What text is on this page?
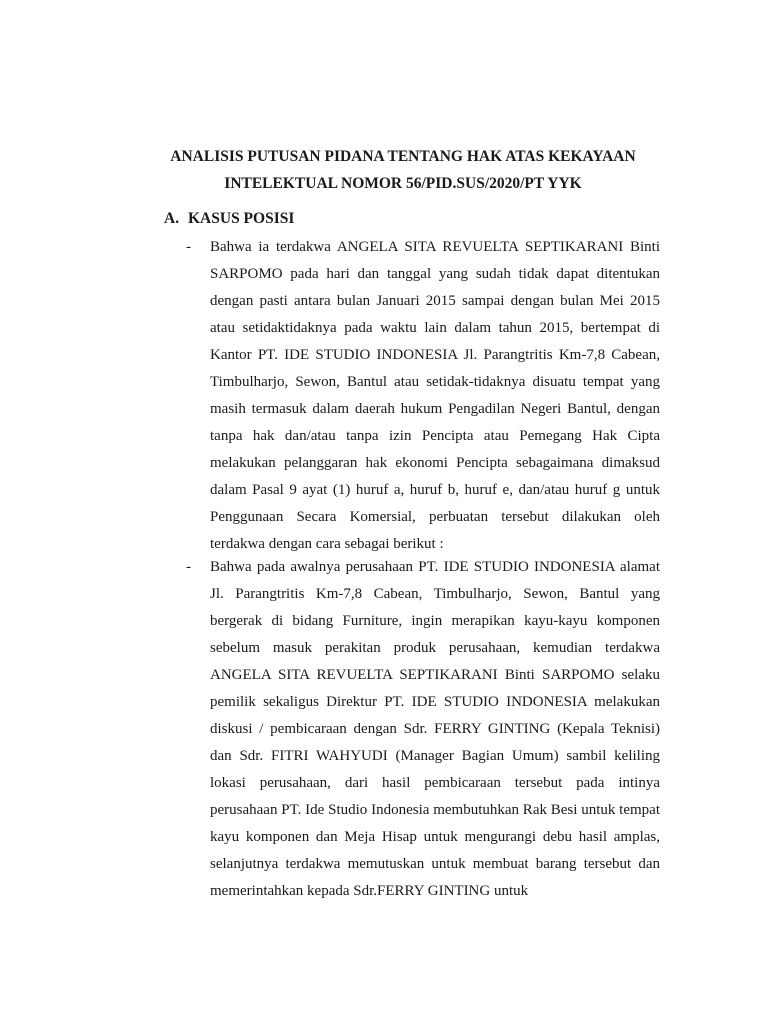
ANALISIS PUTUSAN PIDANA TENTANG HAK ATAS KEKAYAAN
INTELEKTUAL NOMOR 56/PID.SUS/2020/PT YYK
A. KASUS POSISI
- Bahwa ia terdakwa ANGELA SITA REVUELTA SEPTIKARANI Binti SARPOMO pada hari dan tanggal yang sudah tidak dapat ditentukan dengan pasti antara bulan Januari 2015 sampai dengan bulan Mei 2015 atau setidaktidaknya pada waktu lain dalam tahun 2015, bertempat di Kantor PT. IDE STUDIO INDONESIA Jl. Parangtritis Km-7,8 Cabean, Timbulharjo, Sewon, Bantul atau setidak-tidaknya disuatu tempat yang masih termasuk dalam daerah hukum Pengadilan Negeri Bantul, dengan tanpa hak dan/atau tanpa izin Pencipta atau Pemegang Hak Cipta melakukan pelanggaran hak ekonomi Pencipta sebagaimana dimaksud dalam Pasal 9 ayat (1) huruf a, huruf b, huruf e, dan/atau huruf g untuk Penggunaan Secara Komersial, perbuatan tersebut dilakukan oleh terdakwa dengan cara sebagai berikut :
- Bahwa pada awalnya perusahaan PT. IDE STUDIO INDONESIA alamat Jl. Parangtritis Km-7,8 Cabean, Timbulharjo, Sewon, Bantul yang bergerak di bidang Furniture, ingin merapikan kayu-kayu komponen sebelum masuk perakitan produk perusahaan, kemudian terdakwa ANGELA SITA REVUELTA SEPTIKARANI Binti SARPOMO selaku pemilik sekaligus Direktur PT. IDE STUDIO INDONESIA melakukan diskusi / pembicaraan dengan Sdr. FERRY GINTING (Kepala Teknisi) dan Sdr. FITRI WAHYUDI (Manager Bagian Umum) sambil keliling lokasi perusahaan, dari hasil pembicaraan tersebut pada intinya perusahaan PT. Ide Studio Indonesia membutuhkan Rak Besi untuk tempat kayu komponen dan Meja Hisap untuk mengurangi debu hasil amplas, selanjutnya terdakwa memutuskan untuk membuat barang tersebut dan memerintahkan kepada Sdr.FERRY GINTING untuk
